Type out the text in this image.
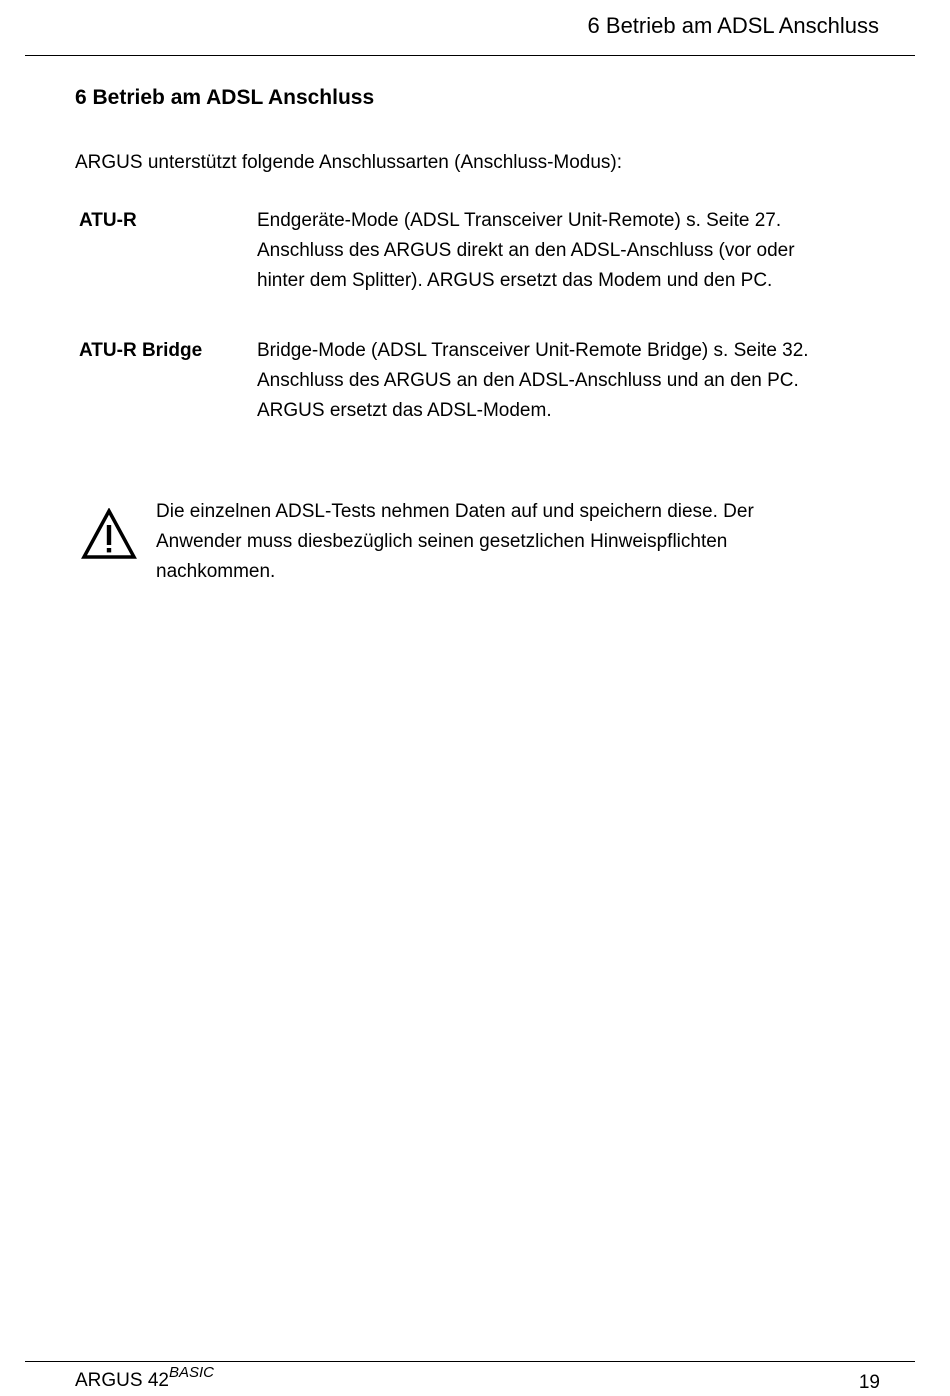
6 Betrieb am ADSL Anschluss
6 Betrieb am ADSL Anschluss
ARGUS unterstützt folgende Anschlussarten (Anschluss-Modus):
ATU-R	Endgeräte-Mode (ADSL Transceiver Unit-Remote) s. Seite 27.
Anschluss des ARGUS direkt an den ADSL-Anschluss (vor oder
hinter dem Splitter). ARGUS ersetzt das Modem und den PC.
ATU-R Bridge	Bridge-Mode (ADSL Transceiver Unit-Remote Bridge) s. Seite 32.
Anschluss des ARGUS an den ADSL-Anschluss und an den PC.
ARGUS ersetzt das ADSL-Modem.
Die einzelnen ADSL-Tests nehmen Daten auf und speichern diese. Der
Anwender muss diesbezüglich seinen gesetzlichen Hinweispflichten
nachkommen.
ARGUS $42^{BASIC}$	19
